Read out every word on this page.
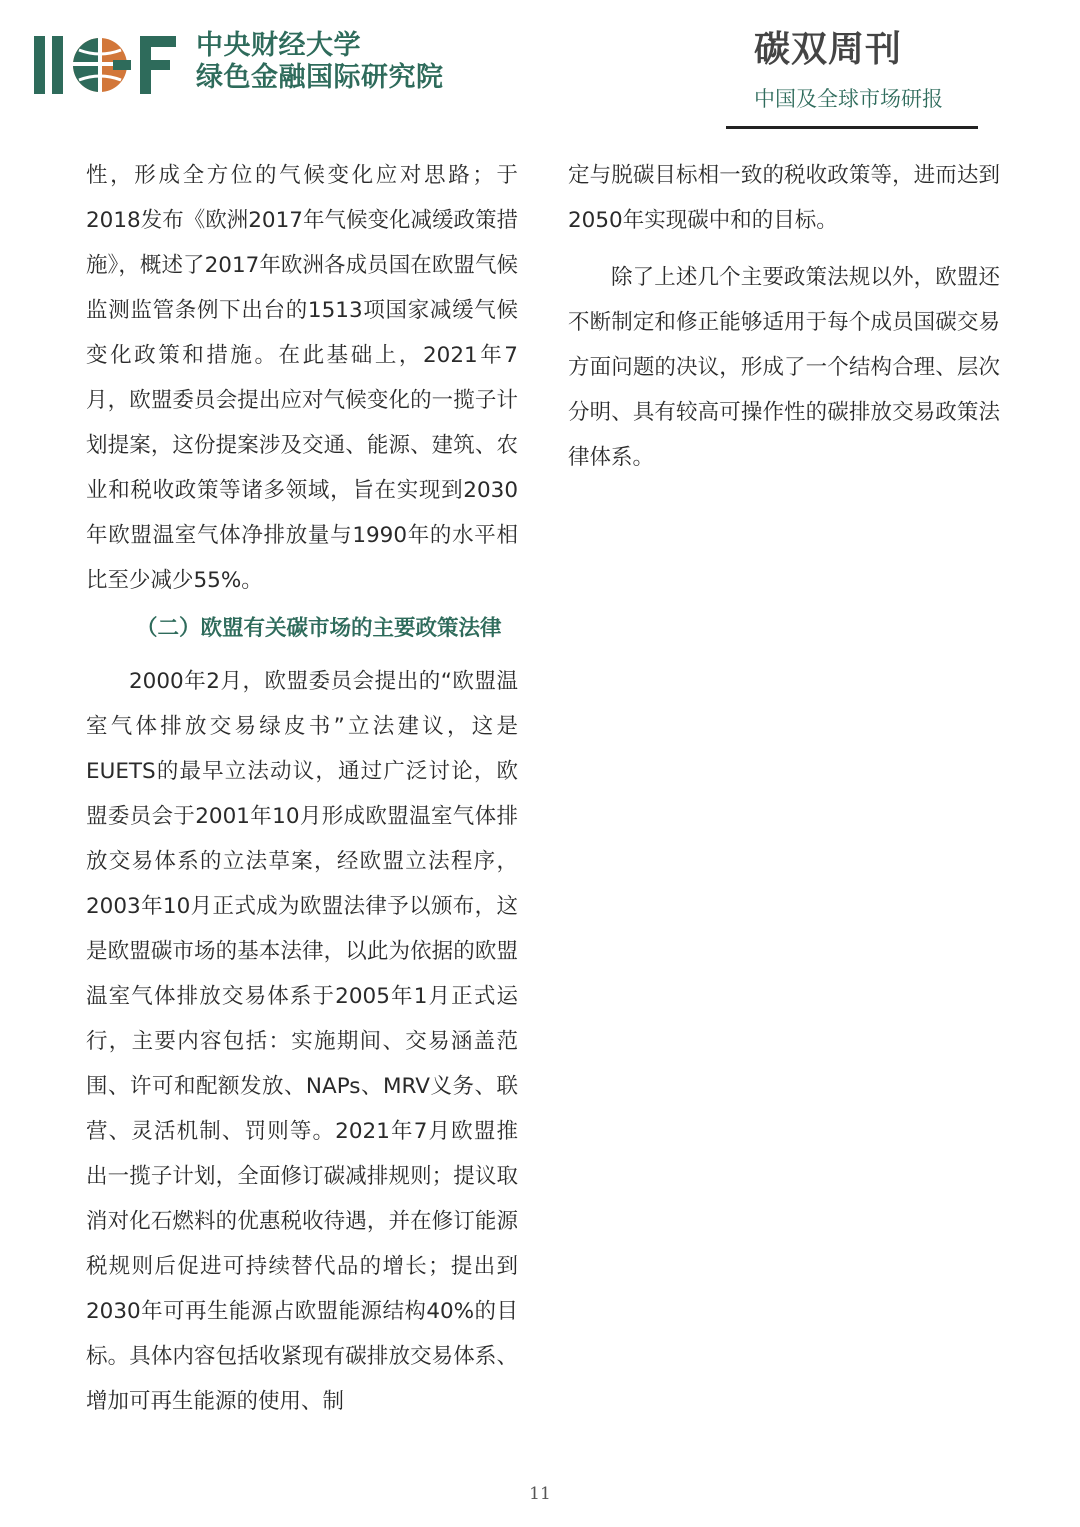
中央财经大学
绿色金融国际研究院
碳双周刊
中国及全球市场研报

性，形成全方位的气候变化应对思路；于2018发布《欧洲2017年气候变化减缓政策措施》，概述了2017年欧洲各成员国在欧盟气候监测监管条例下出台的1513项国家减缓气候变化政策和措施。在此基础上，2021年7月，欧盟委员会提出应对气候变化的一揽子计划提案，这份提案涉及交通、能源、建筑、农业和税收政策等诸多领域，旨在实现到2030年欧盟温室气体净排放量与1990年的水平相比至少减少55%。

（二）欧盟有关碳市场的主要政策法律

2000年2月，欧盟委员会提出的“欧盟温室气体排放交易绿皮书”立法建议，这是EUETS的最早立法动议，通过广泛讨论，欧盟委员会于2001年10月形成欧盟温室气体排放交易体系的立法草案，经欧盟立法程序，2003年10月正式成为欧盟法律予以颁布，这是欧盟碳市场的基本法律，以此为依据的欧盟温室气体排放交易体系于2005年1月正式运行，主要内容包括：实施期间、交易涵盖范围、许可和配额发放、NAPs、MRV义务、联营、灵活机制、罚则等。2021年7月欧盟推出一揽子计划，全面修订碳减排规则；提议取消对化石燃料的优惠税收待遇，并在修订能源税规则后促进可持续替代品的增长；提出到2030年可再生能源占欧盟能源结构40%的目标。具体内容包括收紧现有碳排放交易体系、增加可再生能源的使用、制

定与脱碳目标相一致的税收政策等，进而达到2050年实现碳中和的目标。

除了上述几个主要政策法规以外，欧盟还不断制定和修正能够适用于每个成员国碳交易方面问题的决议，形成了一个结构合理、层次分明、具有较高可操作性的碳排放交易政策法律体系。

11
